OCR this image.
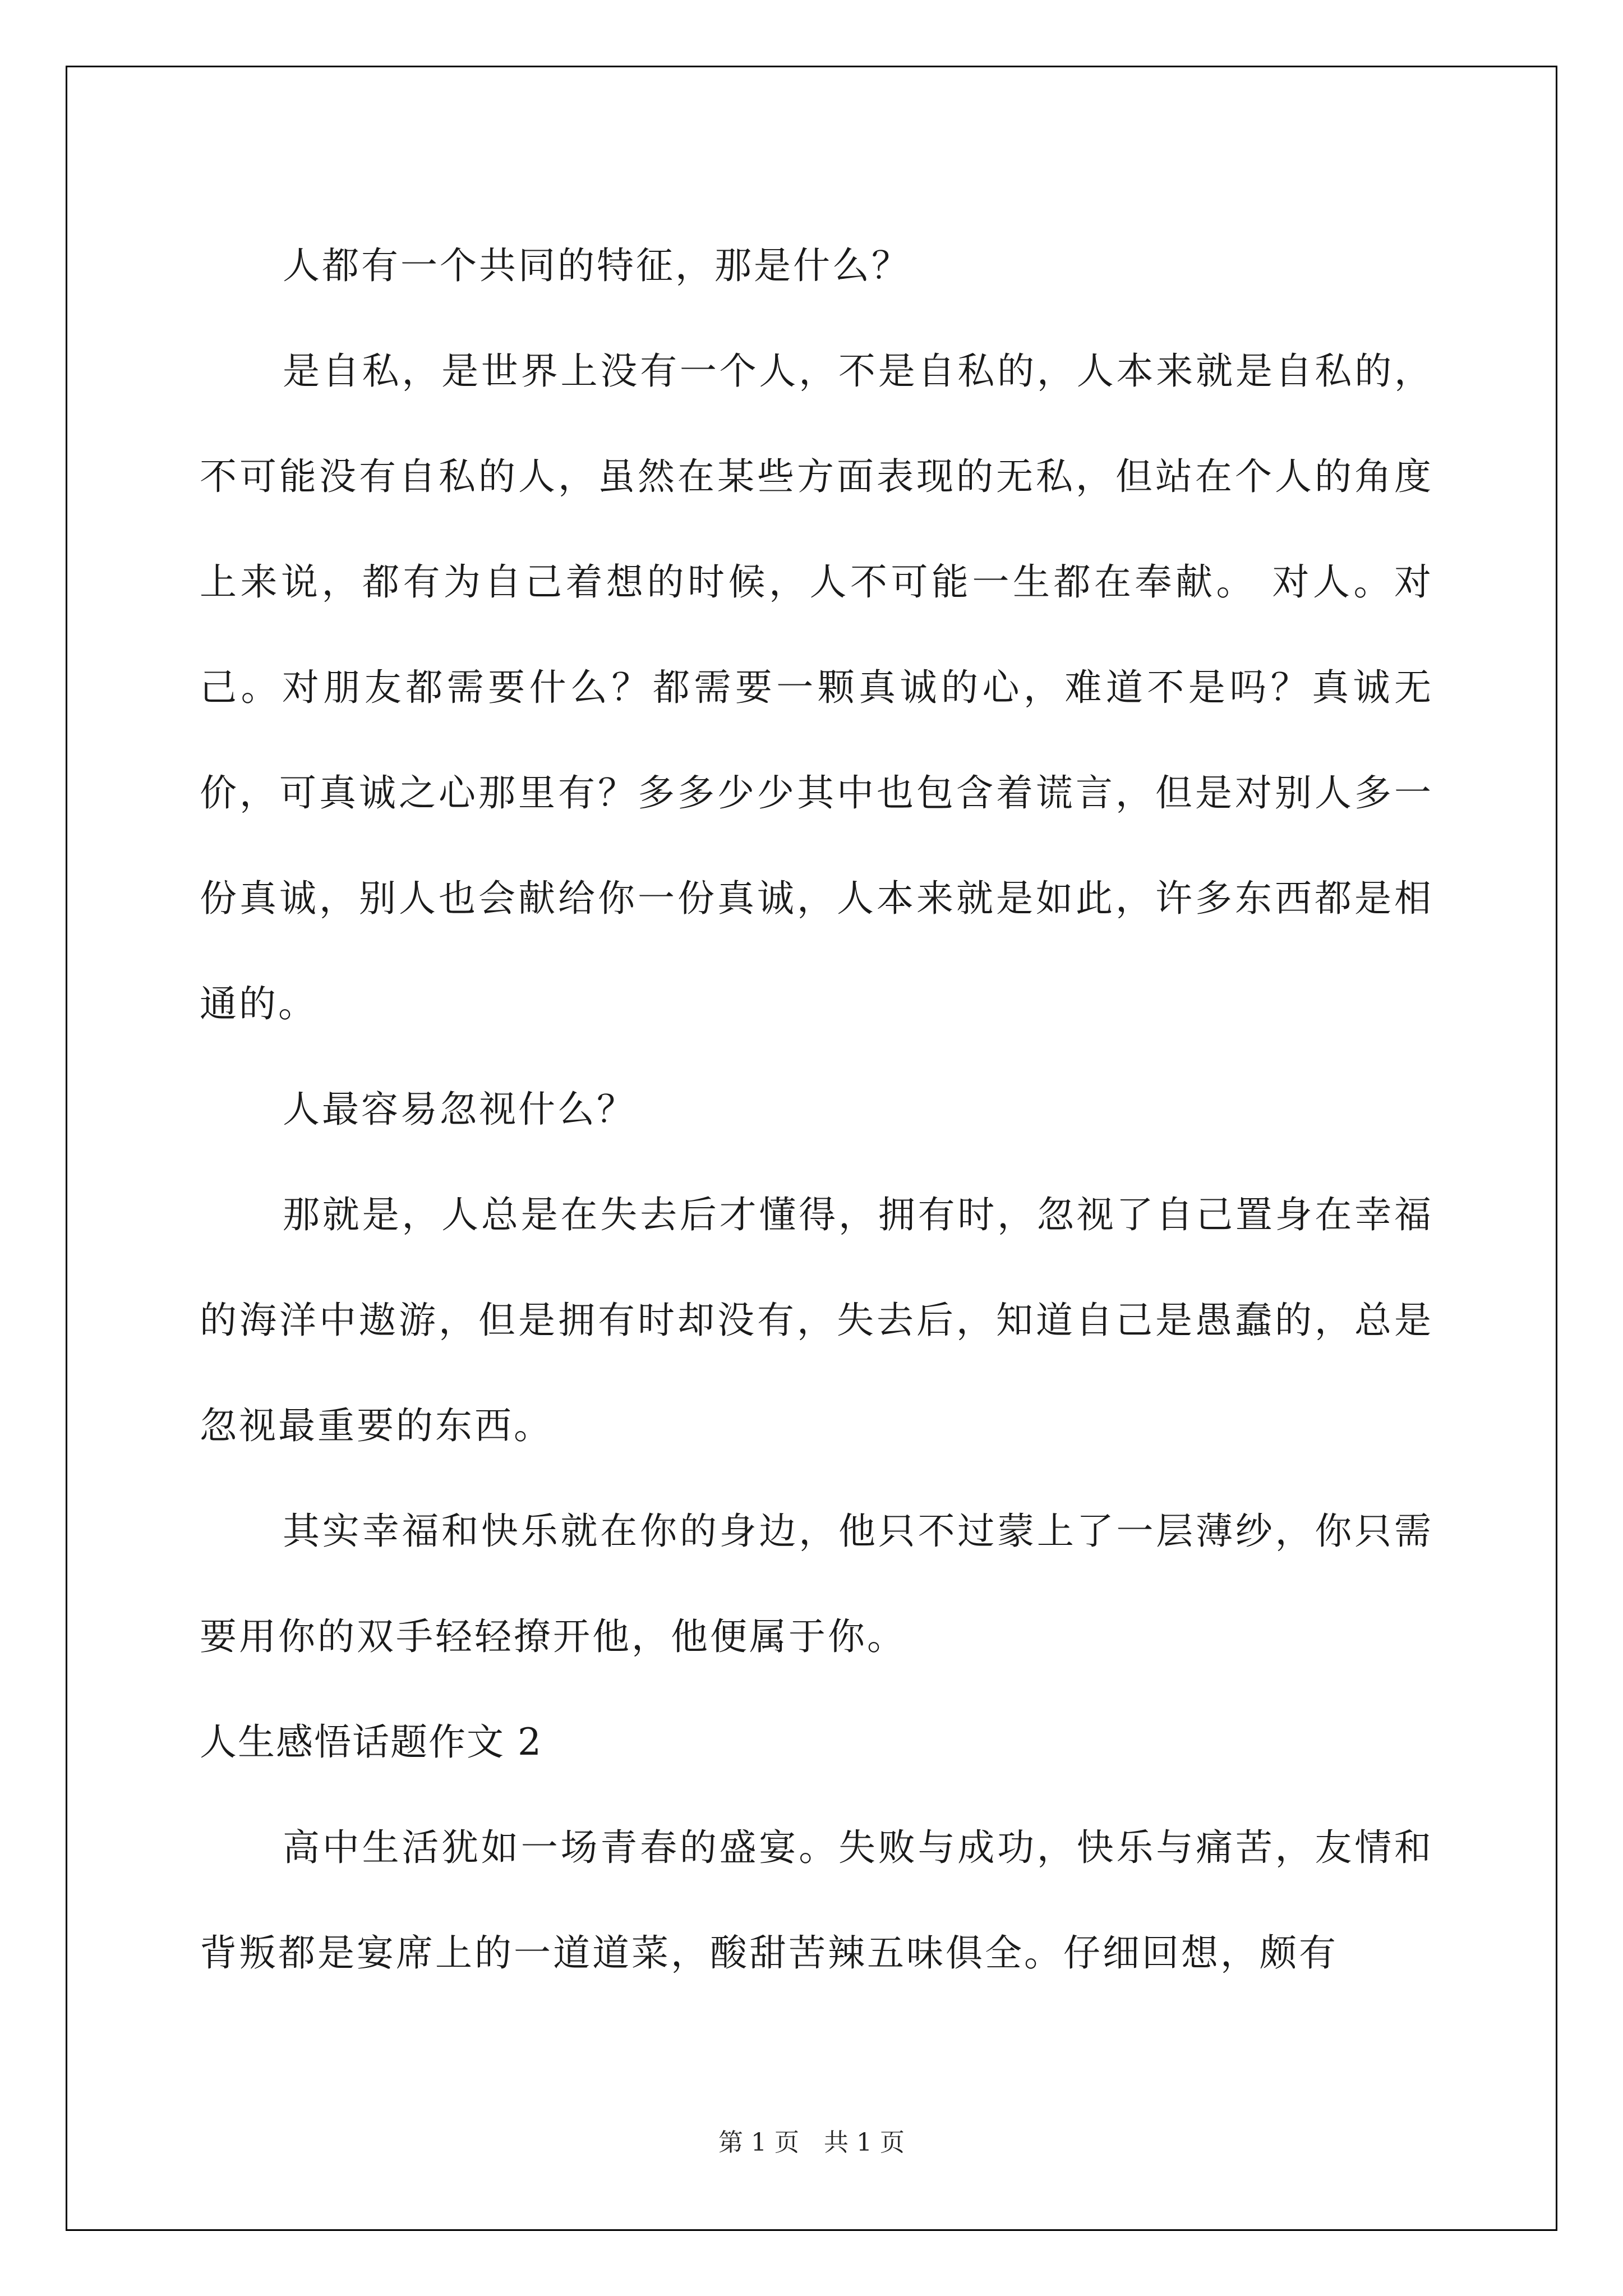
人都有一个共同的特征，那是什么？

是自私，是世界上没有一个人，不是自私的，人本来就是自私的，不可能没有自私的人，虽然在某些方面表现的无私，但站在个人的角度上来说，都有为自己着想的时候，人不可能一生都在奉献。 对人。对己。对朋友都需要什么？都需要一颗真诚的心，难道不是吗？真诚无价，可真诚之心那里有？多多少少其中也包含着谎言，但是对别人多一份真诚，别人也会献给你一份真诚，人本来就是如此，许多东西都是相通的。

人最容易忽视什么？

那就是，人总是在失去后才懂得，拥有时，忽视了自己置身在幸福的海洋中遨游，但是拥有时却没有，失去后，知道自己是愚蠢的，总是忽视最重要的东西。

其实幸福和快乐就在你的身边，他只不过蒙上了一层薄纱，你只需要用你的双手轻轻撩开他，他便属于你。

人生感悟话题作文 2

高中生活犹如一场青春的盛宴。失败与成功，快乐与痛苦，友情和背叛都是宴席上的一道道菜，酸甜苦辣五味俱全。仔细回想，颇有

第 1 页　共 1 页
